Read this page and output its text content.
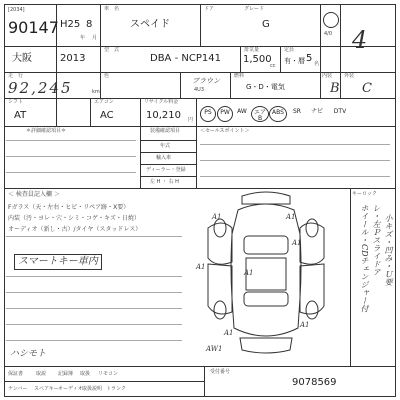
[2034]
90147 H25 8
年 月
車　名
スペイド
ドア	グレード
G
4/0 4
大阪	2013
型　式
DBA - NCP141
排気量
1,500
cc
定員
有・暦 5 名
走　行
92,245	km
色
ブラウン
4U3
燃料
G・D・電気
内装
B
外装
C
シフト
AT
エアコン
AC
リサイクル料金
10,210 円
PS	PW	AW	エアB
ABS	SR	ナビ	DTV
＊詳細確認項目＊	装備確認項目	＜セールスポイント＞
年式
輸入車
ディーラー・登録
左 H ・ 右 H
＜ 検査員記入欄 ＞
Fガラス（天・左右・ヒビ・リペア跡・X要）
内装（汚・ヨレ・穴・シミ・コゲ・キズ・日焼）
オーディオ（新し・古）/タイヤ（スタッドレス）
スマートキー車内
ハシモト
キーロック
ホイール・CDチェンジャー付 レ・左Ｐスライドア 小キズ・凹み・Ｕ要
A1
A1
A1
A1
A1
A1
AW1
A1
保証書	取説 記録簿 取扱 リモコン
ナンバー スペアキー オーディオ 取扱説明 トランク
受付番号
9078569
